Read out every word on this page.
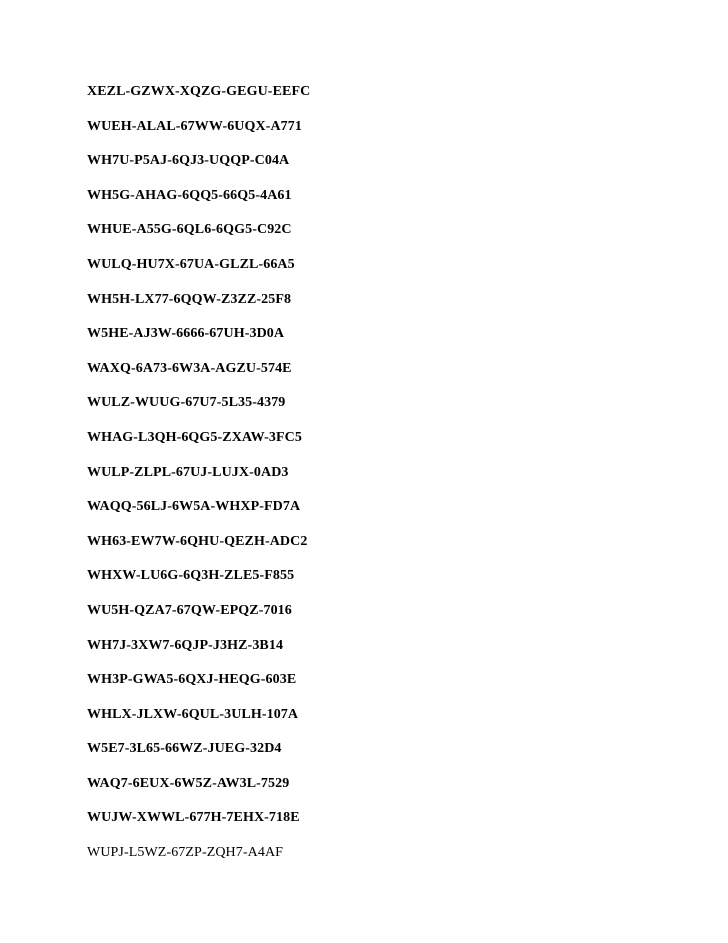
XEZL-GZWX-XQZG-GEGU-EEFC
WUEH-ALAL-67WW-6UQX-A771
WH7U-P5AJ-6QJ3-UQQP-C04A
WH5G-AHAG-6QQ5-66Q5-4A61
WHUE-A55G-6QL6-6QG5-C92C
WULQ-HU7X-67UA-GLZL-66A5
WH5H-LX77-6QQW-Z3ZZ-25F8
W5HE-AJ3W-6666-67UH-3D0A
WAXQ-6A73-6W3A-AGZU-574E
WULZ-WUUG-67U7-5L35-4379
WHAG-L3QH-6QG5-ZXAW-3FC5
WULP-ZLPL-67UJ-LUJX-0AD3
WAQQ-56LJ-6W5A-WHXP-FD7A
WH63-EW7W-6QHU-QEZH-ADC2
WHXW-LU6G-6Q3H-ZLE5-F855
WU5H-QZA7-67QW-EPQZ-7016
WH7J-3XW7-6QJP-J3HZ-3B14
WH3P-GWA5-6QXJ-HEQG-603E
WHLX-JLXW-6QUL-3ULH-107A
W5E7-3L65-66WZ-JUEG-32D4
WAQ7-6EUX-6W5Z-AW3L-7529
WUJW-XWWL-677H-7EHX-718E
WUPJ-L5WZ-67ZP-ZQH7-A4AF
